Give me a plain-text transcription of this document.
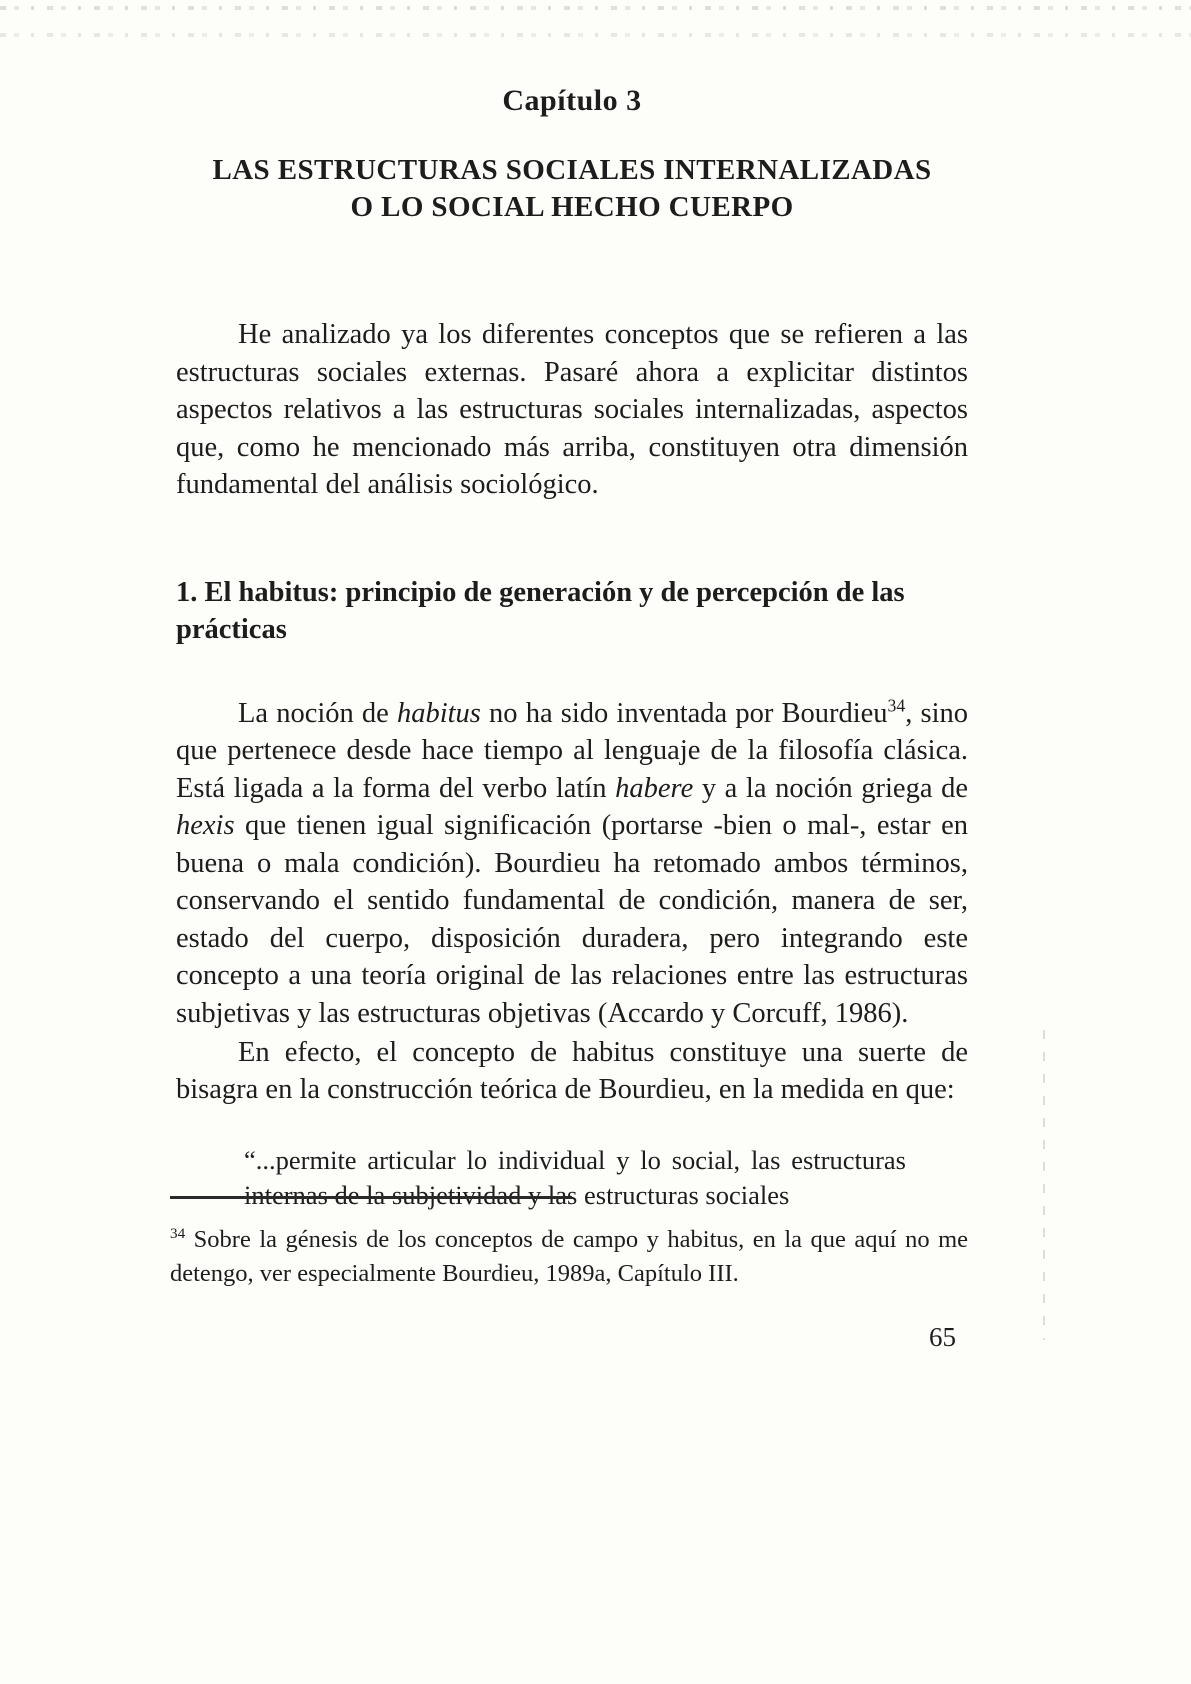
Capítulo 3
LAS ESTRUCTURAS SOCIALES INTERNALIZADAS
O LO SOCIAL HECHO CUERPO

He analizado ya los diferentes conceptos que se refieren a las estructuras sociales externas. Pasaré ahora a explicitar distintos aspectos relativos a las estructuras sociales internalizadas, aspectos que, como he mencionado más arriba, constituyen otra dimensión fundamental del análisis sociológico.

1. El habitus: principio de generación y de percepción de las prácticas

La noción de habitus no ha sido inventada por Bourdieu$^{34}$, sino que pertenece desde hace tiempo al lenguaje de la filosofía clásica. Está ligada a la forma del verbo latín habere y a la noción griega de hexis que tienen igual significación (portarse -bien o mal-, estar en buena o mala condición). Bourdieu ha retomado ambos términos, conservando el sentido fundamental de condición, manera de ser, estado del cuerpo, disposición duradera, pero integrando este concepto a una teoría original de las relaciones entre las estructuras subjetivas y las estructuras objetivas (Accardo y Corcuff, 1986).

En efecto, el concepto de habitus constituye una suerte de bisagra en la construcción teórica de Bourdieu, en la medida en que:

“...permite articular lo individual y lo social, las estructuras internas de la subjetividad y las estructuras sociales

$^{34}$ Sobre la génesis de los conceptos de campo y habitus, en la que aquí no me detengo, ver especialmente Bourdieu, 1989a, Capítulo III.

65
